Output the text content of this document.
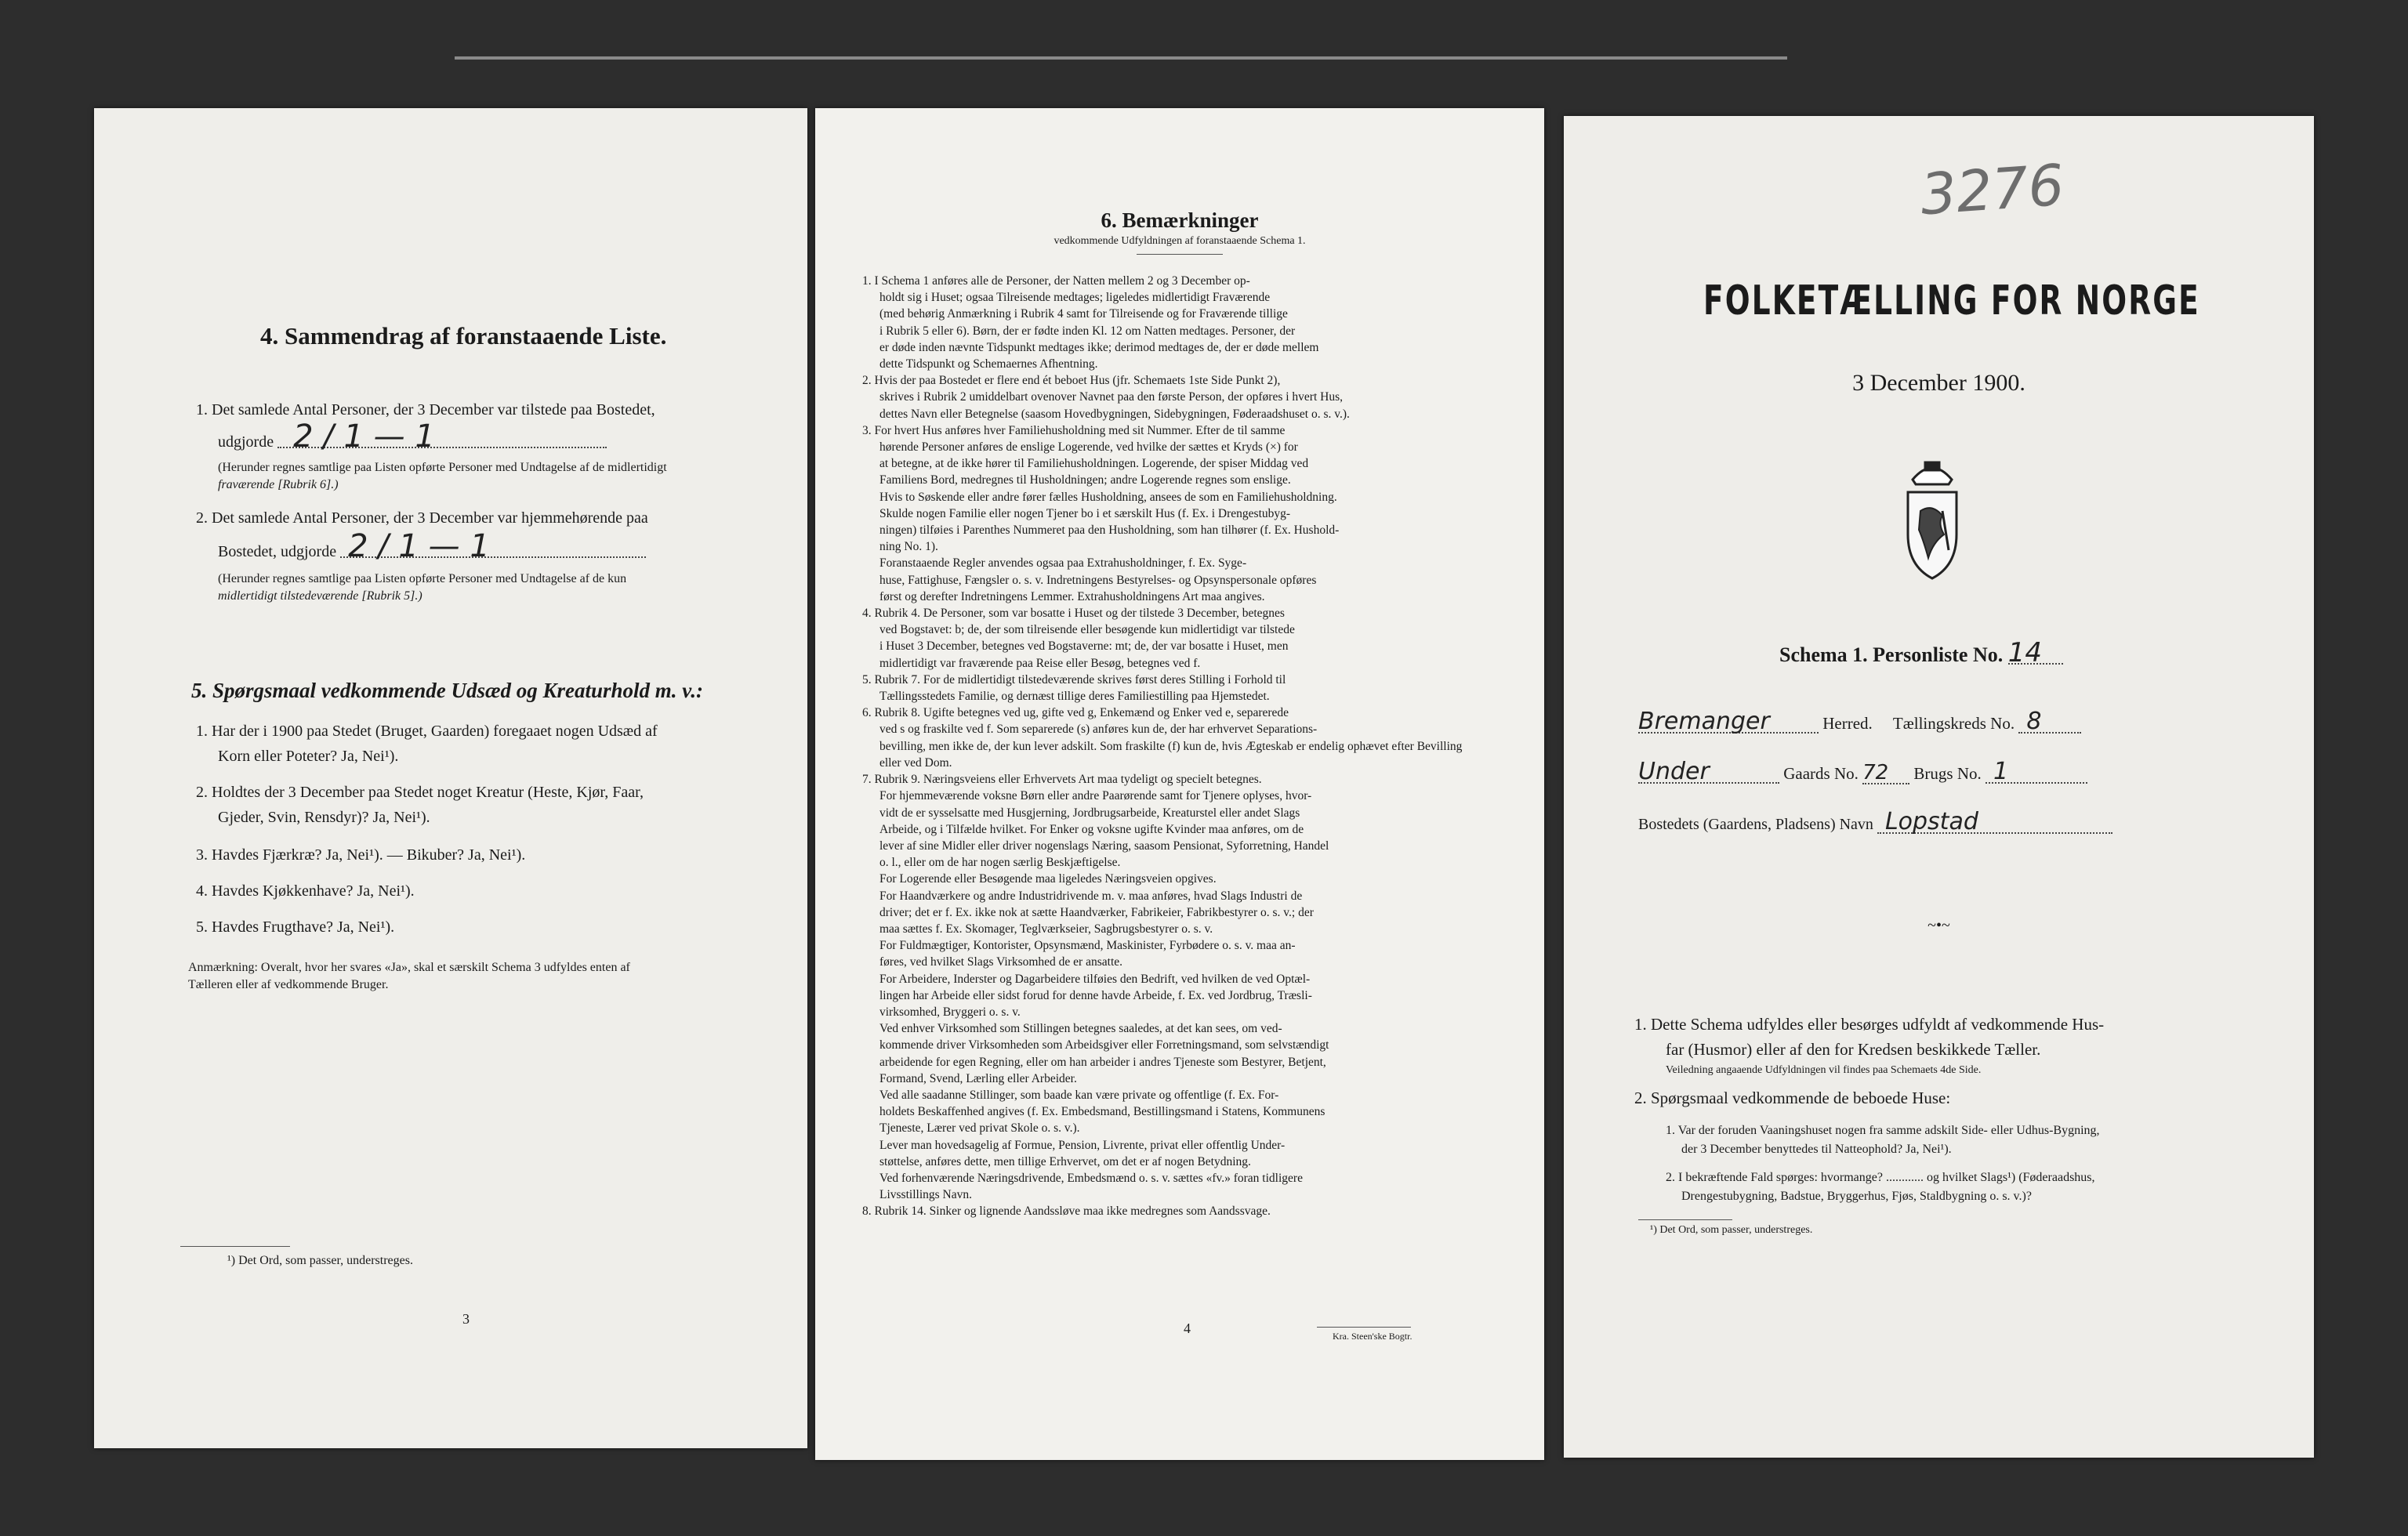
4. Sammendrag af foranstaaende Liste.
1. Det samlede Antal Personer, der 3 December var tilstede paa Bostedet,
udgjorde 2 / 1 — 1
(Herunder regnes samtlige paa Listen opførte Personer med Undtagelse af de midlertidigt
fraværende [Rubrik 6].)
2. Det samlede Antal Personer, der 3 December var hjemmehørende paa
Bostedet, udgjorde 2 / 1 — 1
(Herunder regnes samtlige paa Listen opførte Personer med Undtagelse af de kun
midlertidigt tilstedeværende [Rubrik 5].)
5. Spørgsmaal vedkommende Udsæd og Kreaturhold m. v.:
1. Har der i 1900 paa Stedet (Bruget, Gaarden) foregaaet nogen Udsæd af
Korn eller Poteter? Ja, Nei¹).
2. Holdtes der 3 December paa Stedet noget Kreatur (Heste, Kjør, Faar,
Gjeder, Svin, Rensdyr)? Ja, Nei¹).
3. Havdes Fjærkræ? Ja, Nei¹). — Bikuber? Ja, Nei¹).
4. Havdes Kjøkkenhave? Ja, Nei¹).
5. Havdes Frugthave? Ja, Nei¹).
Anmærkning: Overalt, hvor her svares «Ja», skal et særskilt Schema 3 udfyldes enten af
Tælleren eller af vedkommende Bruger.
¹) Det Ord, som passer, understreges.
3
6. Bemærkninger
vedkommende Udfyldningen af foranstaaende Schema 1.
1. I Schema 1 anføres alle de Personer, der Natten mellem 2 og 3 December op-
holdt sig i Huset; ogsaa Tilreisende medtages; ligeledes midlertidigt Fraværende
(med behørig Anmærkning i Rubrik 4 samt for Tilreisende og for Fraværende tillige
i Rubrik 5 eller 6). Børn, der er fødte inden Kl. 12 om Natten medtages. Personer, der
er døde inden nævnte Tidspunkt medtages ikke; derimod medtages de, der er døde mellem
dette Tidspunkt og Schemaernes Afhentning.
2. Hvis der paa Bostedet er flere end ét beboet Hus (jfr. Schemaets 1ste Side Punkt 2),
skrives i Rubrik 2 umiddelbart ovenover Navnet paa den første Person, der opføres i hvert Hus,
dettes Navn eller Betegnelse (saasom Hovedbygningen, Sidebygningen, Føderaadshuset o. s. v.).
3. For hvert Hus anføres hver Familiehusholdning med sit Nummer. Efter de til samme
hørende Personer anføres de enslige Logerende, ved hvilke der sættes et Kryds (×) for
at betegne, at de ikke hører til Familiehusholdningen. Logerende, der spiser Middag ved
Familiens Bord, medregnes til Husholdningen; andre Logerende regnes som enslige.
Hvis to Søskende eller andre fører fælles Husholdning, ansees de som en Familiehusholdning.
Skulde nogen Familie eller nogen Tjener bo i et særskilt Hus (f. Ex. i Drengestubyg-
ningen) tilføies i Parenthes Nummeret paa den Husholdning, som han tilhører (f. Ex. Hushold-
ning No. 1).
Foranstaaende Regler anvendes ogsaa paa Extrahusholdninger, f. Ex. Syge-
huse, Fattighuse, Fængsler o. s. v. Indretningens Bestyrelses- og Opsynspersonale opføres
først og derefter Indretningens Lemmer. Extrahusholdningens Art maa angives.
4. Rubrik 4. De Personer, som var bosatte i Huset og der tilstede 3 December, betegnes
ved Bogstavet: b; de, der som tilreisende eller besøgende kun midlertidigt var tilstede
i Huset 3 December, betegnes ved Bogstaverne: mt; de, der var bosatte i Huset, men
midlertidigt var fraværende paa Reise eller Besøg, betegnes ved f.
5. Rubrik 7. For de midlertidigt tilstedeværende skrives først deres Stilling i Forhold til
Tællingsstedets Familie, og dernæst tillige deres Familiestilling paa Hjemstedet.
6. Rubrik 8. Ugifte betegnes ved ug, gifte ved g, Enkemænd og Enker ved e, separerede
ved s og fraskilte ved f. Som separerede (s) anføres kun de, der har erhvervet Separations-
bevilling, men ikke de, der kun lever adskilt. Som fraskilte (f) kun de, hvis Ægteskab er endelig ophævet efter Bevilling
eller ved Dom.
7. Rubrik 9. Næringsveiens eller Erhvervets Art maa tydeligt og specielt betegnes.
For hjemmeværende voksne Børn eller andre Paarørende samt for Tjenere oplyses, hvor-
vidt de er sysselsatte med Husgjerning, Jordbrugsarbeide, Kreaturstel eller andet Slags
Arbeide, og i Tilfælde hvilket. For Enker og voksne ugifte Kvinder maa anføres, om de
lever af sine Midler eller driver nogenslags Næring, saasom Pensionat, Syforretning, Handel
o. l., eller om de har nogen særlig Beskjæftigelse.
For Logerende eller Besøgende maa ligeledes Næringsveien opgives.
For Haandværkere og andre Industridrivende m. v. maa anføres, hvad Slags Industri de
driver; det er f. Ex. ikke nok at sætte Haandværker, Fabrikeier, Fabrikbestyrer o. s. v.; der
maa sættes f. Ex. Skomager, Teglværkseier, Sagbrugsbestyrer o. s. v.
For Fuldmægtiger, Kontorister, Opsynsmænd, Maskinister, Fyrbødere o. s. v. maa an-
føres, ved hvilket Slags Virksomhed de er ansatte.
For Arbeidere, Inderster og Dagarbeidere tilføies den Bedrift, ved hvilken de ved Optæl-
lingen har Arbeide eller sidst forud for denne havde Arbeide, f. Ex. ved Jordbrug, Træsli-
virksomhed, Bryggeri o. s. v.
Ved enhver Virksomhed som Stillingen betegnes saaledes, at det kan sees, om ved-
kommende driver Virksomheden som Arbeidsgiver eller Forretningsmand, som selvstændigt
arbeidende for egen Regning, eller om han arbeider i andres Tjeneste som Bestyrer, Betjent,
Formand, Svend, Lærling eller Arbeider.
Ved alle saadanne Stillinger, som baade kan være private og offentlige (f. Ex. For-
holdets Beskaffenhed angives (f. Ex. Embedsmand, Bestillingsmand i Statens, Kommunens
Tjeneste, Lærer ved privat Skole o. s. v.).
Lever man hovedsagelig af Formue, Pension, Livrente, privat eller offentlig Under-
støttelse, anføres dette, men tillige Erhvervet, om det er af nogen Betydning.
Ved forhenværende Næringsdrivende, Embedsmænd o. s. v. sættes «fv.» foran tidligere
Livsstillings Navn.
8. Rubrik 14. Sinker og lignende Aandssløve maa ikke medregnes som Aandssvage.
4	Kra. Steen'ske Bogtr.
3276
FOLKETÆLLING FOR NORGE
3 December 1900.
Schema 1. Personliste No. 14
Bremanger	Herred. Tællingskreds No. 8
Under	Gaards No. 72 Brugs No. 1
Bostedets (Gaardens, Pladsens) Navn Lopstad
~•~
1. Dette Schema udfyldes eller besørges udfyldt af vedkommende Hus-
far (Husmor) eller af den for Kredsen beskikkede Tæller.
Veiledning angaaende Udfyldningen vil findes paa Schemaets 4de Side.
2. Spørgsmaal vedkommende de beboede Huse:
1. Var der foruden Vaaningshuset nogen fra samme adskilt Side- eller Udhus-Bygning,
der 3 December benyttedes til Natteophold? Ja, Nei¹).
2. I bekræftende Fald spørges: hvormange? ............ og hvilket Slags¹) (Føderaadshus,
Drengestubygning, Badstue, Bryggerhus, Fjøs, Staldbygning o. s. v.)?
¹) Det Ord, som passer, understreges.
